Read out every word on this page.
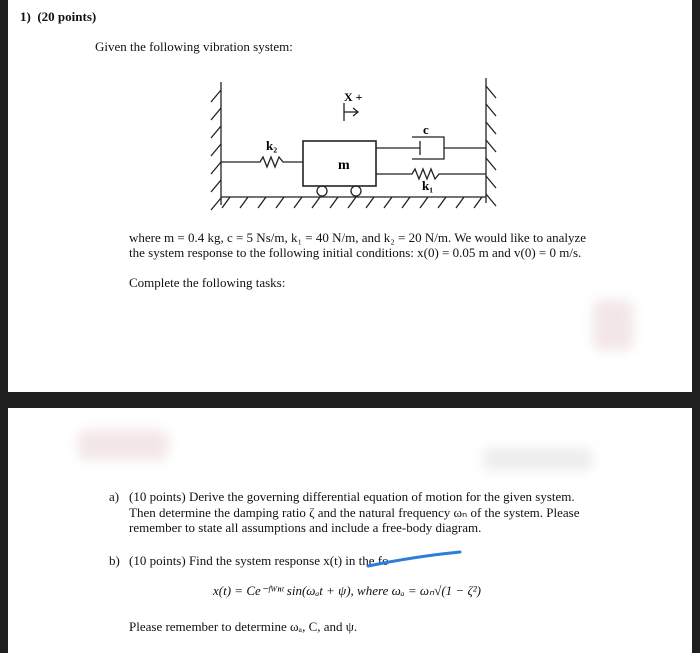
1) (20 points)
Given the following vibration system:
m
k₂
k₁
c
X +
where m = 0.4 kg, c = 5 Ns/m, k₁ = 40 N/m, and k₂ = 20 N/m. We would like to analyze
the system response to the following initial conditions: x(0) = 0.05 m and v(0) = 0 m/s.
Complete the following tasks:
a) (10 points) Derive the governing differential equation of motion for the given system.
Then determine the damping ratio ζ and the natural frequency ωₙ of the system. Please
remember to state all assumptions and include a free-body diagram.
b) (10 points) Find the system response x(t) in the fo
x(t) = Ce⁻ᶠᵂⁿᵗ sin(ωₐt + ψ), where ωₐ = ωₙ√(1 − ζ²)
Please remember to determine ωₐ, C, and ψ.
